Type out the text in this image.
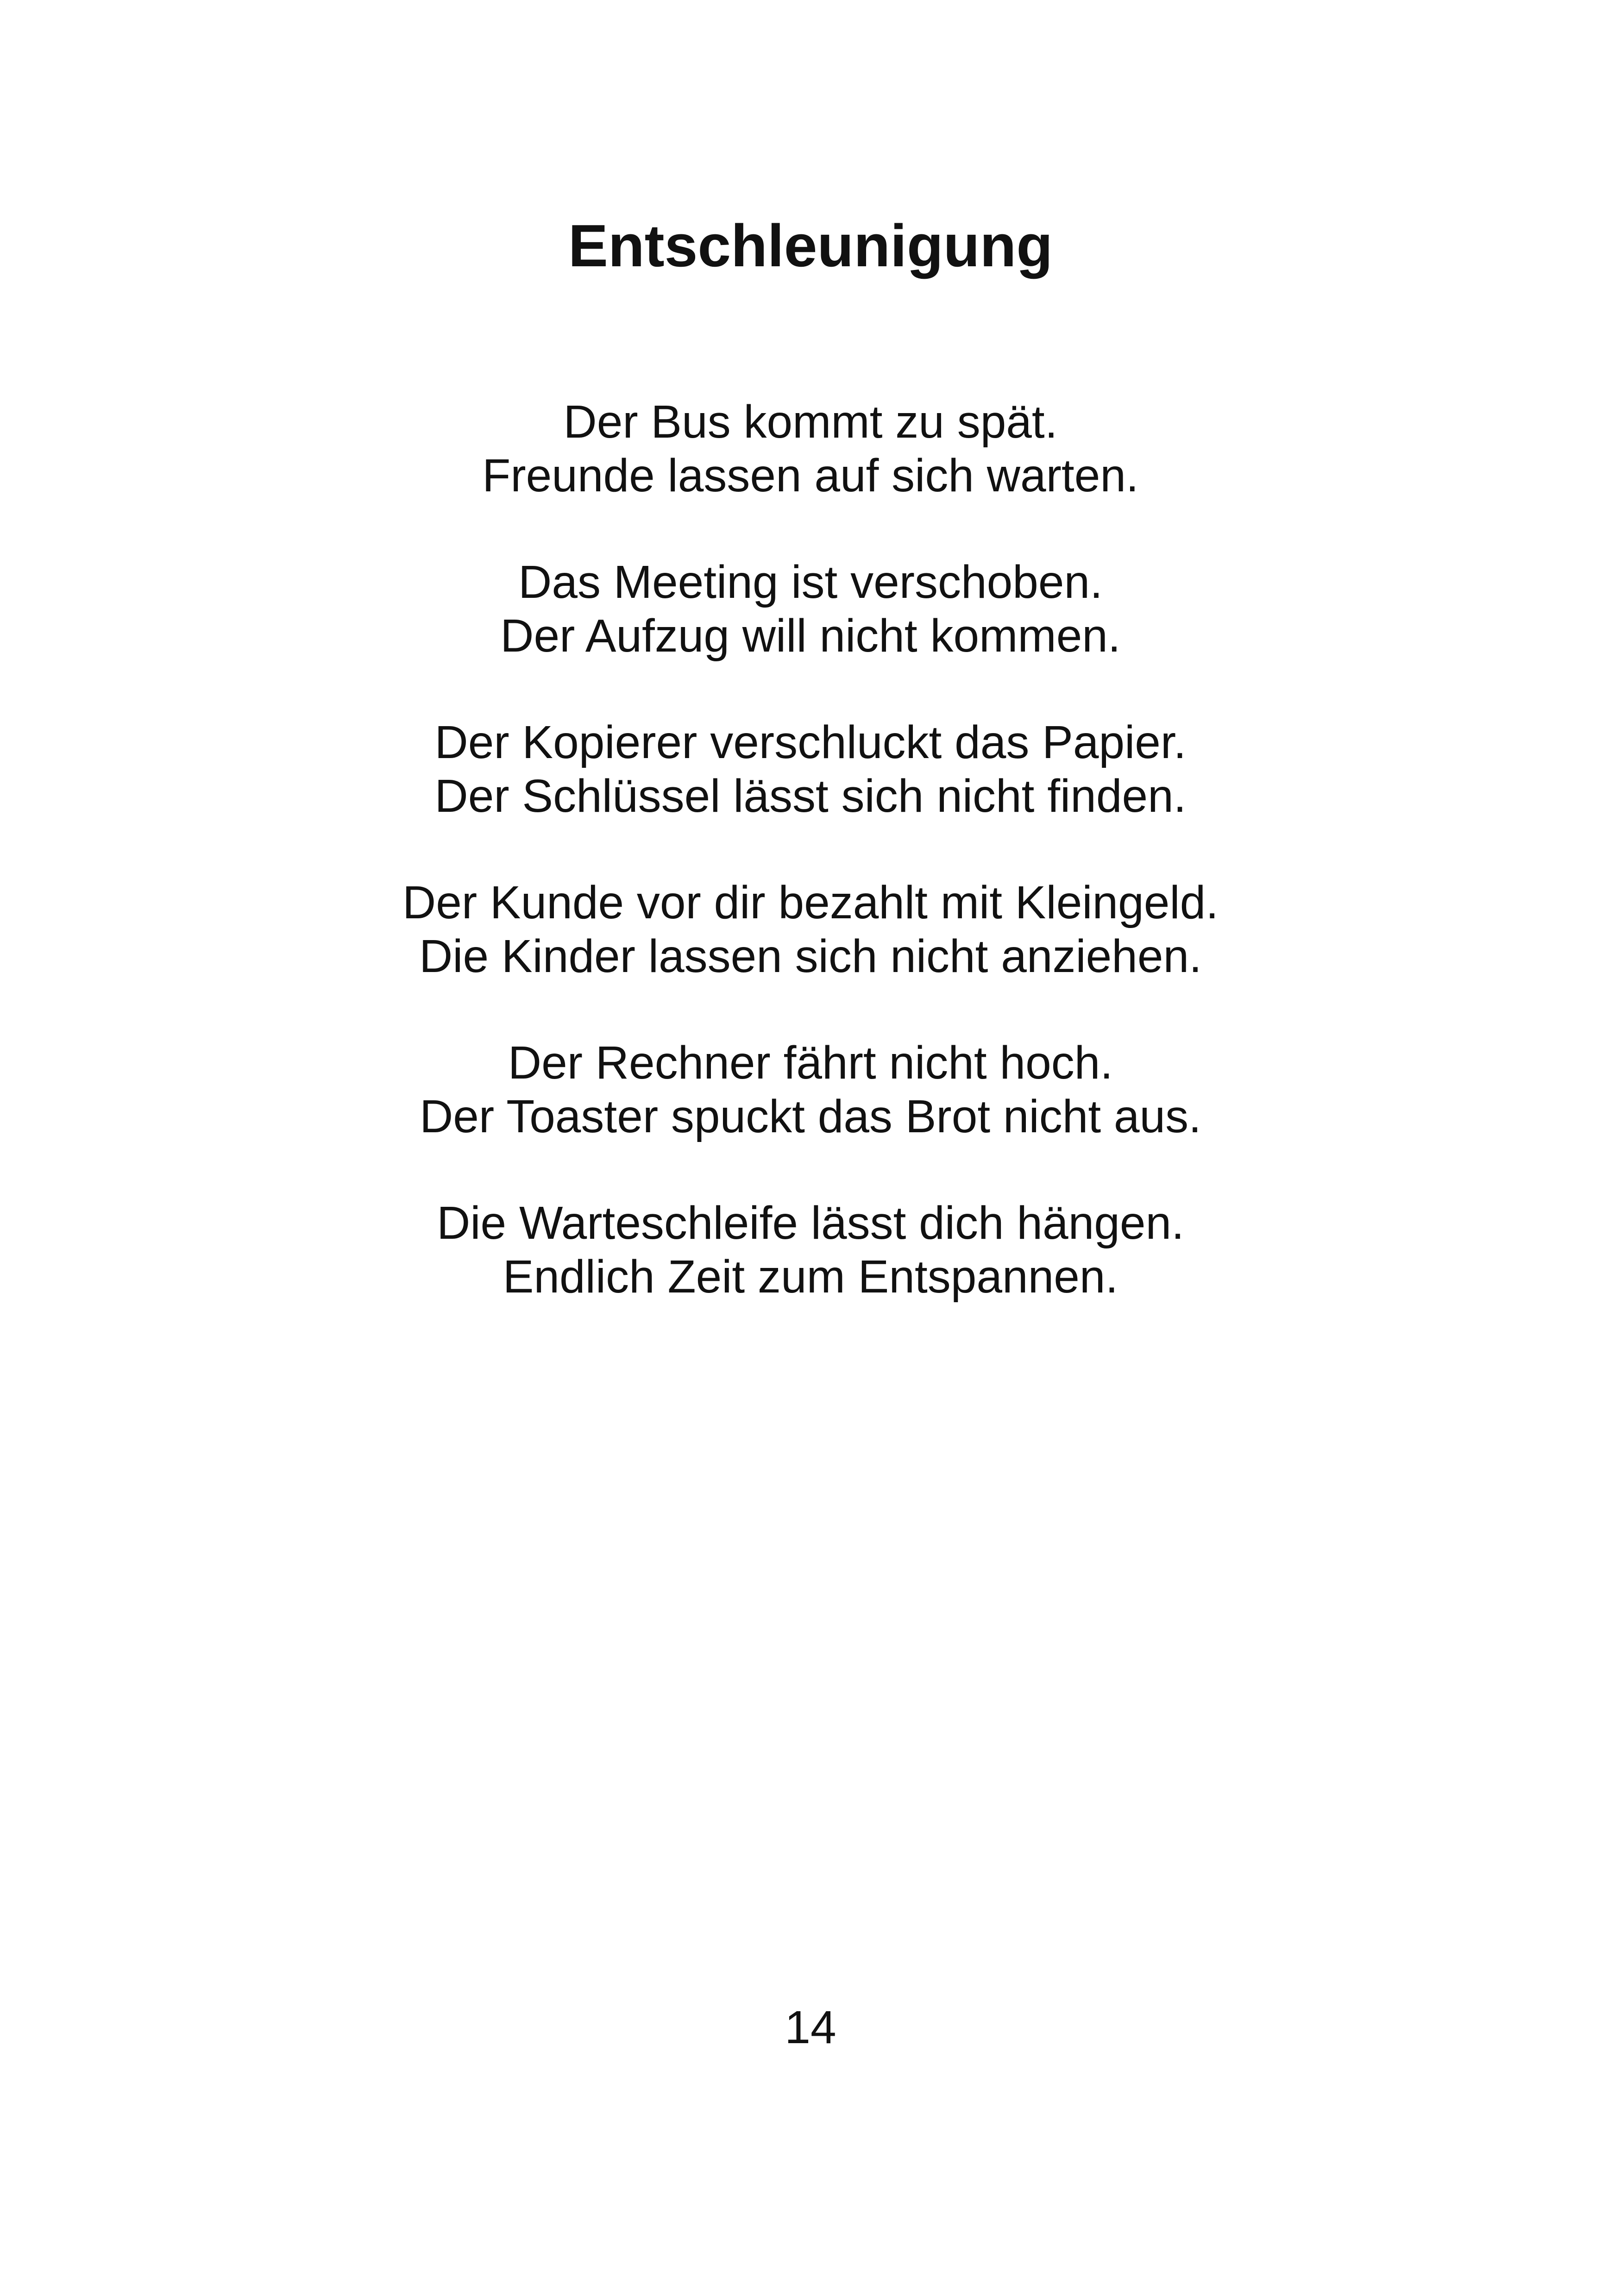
Entschleunigung
Der Bus kommt zu spät.
Freunde lassen auf sich warten.
Das Meeting ist verschoben.
Der Aufzug will nicht kommen.
Der Kopierer verschluckt das Papier.
Der Schlüssel lässt sich nicht finden.
Der Kunde vor dir bezahlt mit Kleingeld.
Die Kinder lassen sich nicht anziehen.
Der Rechner fährt nicht hoch.
Der Toaster spuckt das Brot nicht aus.
Die Warteschleife lässt dich hängen.
Endlich Zeit zum Entspannen.
14
